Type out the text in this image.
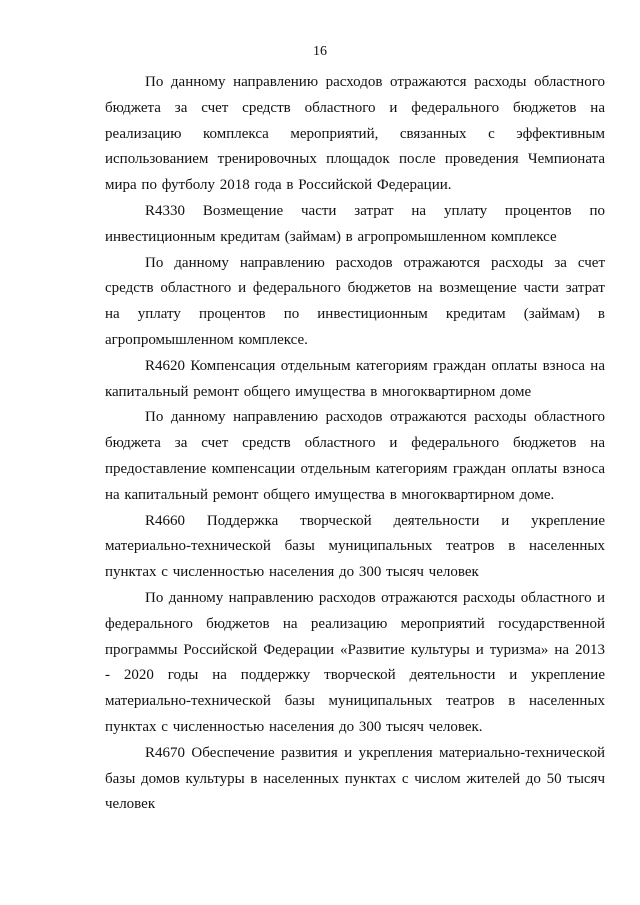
16

По данному направлению расходов отражаются расходы областного бюджета за счет средств областного и федерального бюджетов на реализацию комплекса мероприятий, связанных с эффективным использованием тренировочных площадок после проведения Чемпионата мира по футболу 2018 года в Российской Федерации.

R4330 Возмещение части затрат на уплату процентов по инвестиционным кредитам (займам) в агропромышленном комплексе

По данному направлению расходов отражаются расходы за счет средств областного и федерального бюджетов на возмещение части затрат на уплату процентов по инвестиционным кредитам (займам) в агропромышленном комплексе.

R4620 Компенсация отдельным категориям граждан оплаты взноса на капитальный ремонт общего имущества в многоквартирном доме

По данному направлению расходов отражаются расходы областного бюджета за счет средств областного и федерального бюджетов на предоставление компенсации отдельным категориям граждан оплаты взноса на капитальный ремонт общего имущества в многоквартирном доме.

R4660 Поддержка творческой деятельности и укрепление материально-технической базы муниципальных театров в населенных пунктах с численностью населения до 300 тысяч человек

По данному направлению расходов отражаются расходы областного и федерального бюджетов на реализацию мероприятий государственной программы Российской Федерации «Развитие культуры и туризма» на 2013 - 2020 годы на поддержку творческой деятельности и укрепление материально-технической базы муниципальных театров в населенных пунктах с численностью населения до 300 тысяч человек.

R4670 Обеспечение развития и укрепления материально-технической базы домов культуры в населенных пунктах с числом жителей до 50 тысяч человек
